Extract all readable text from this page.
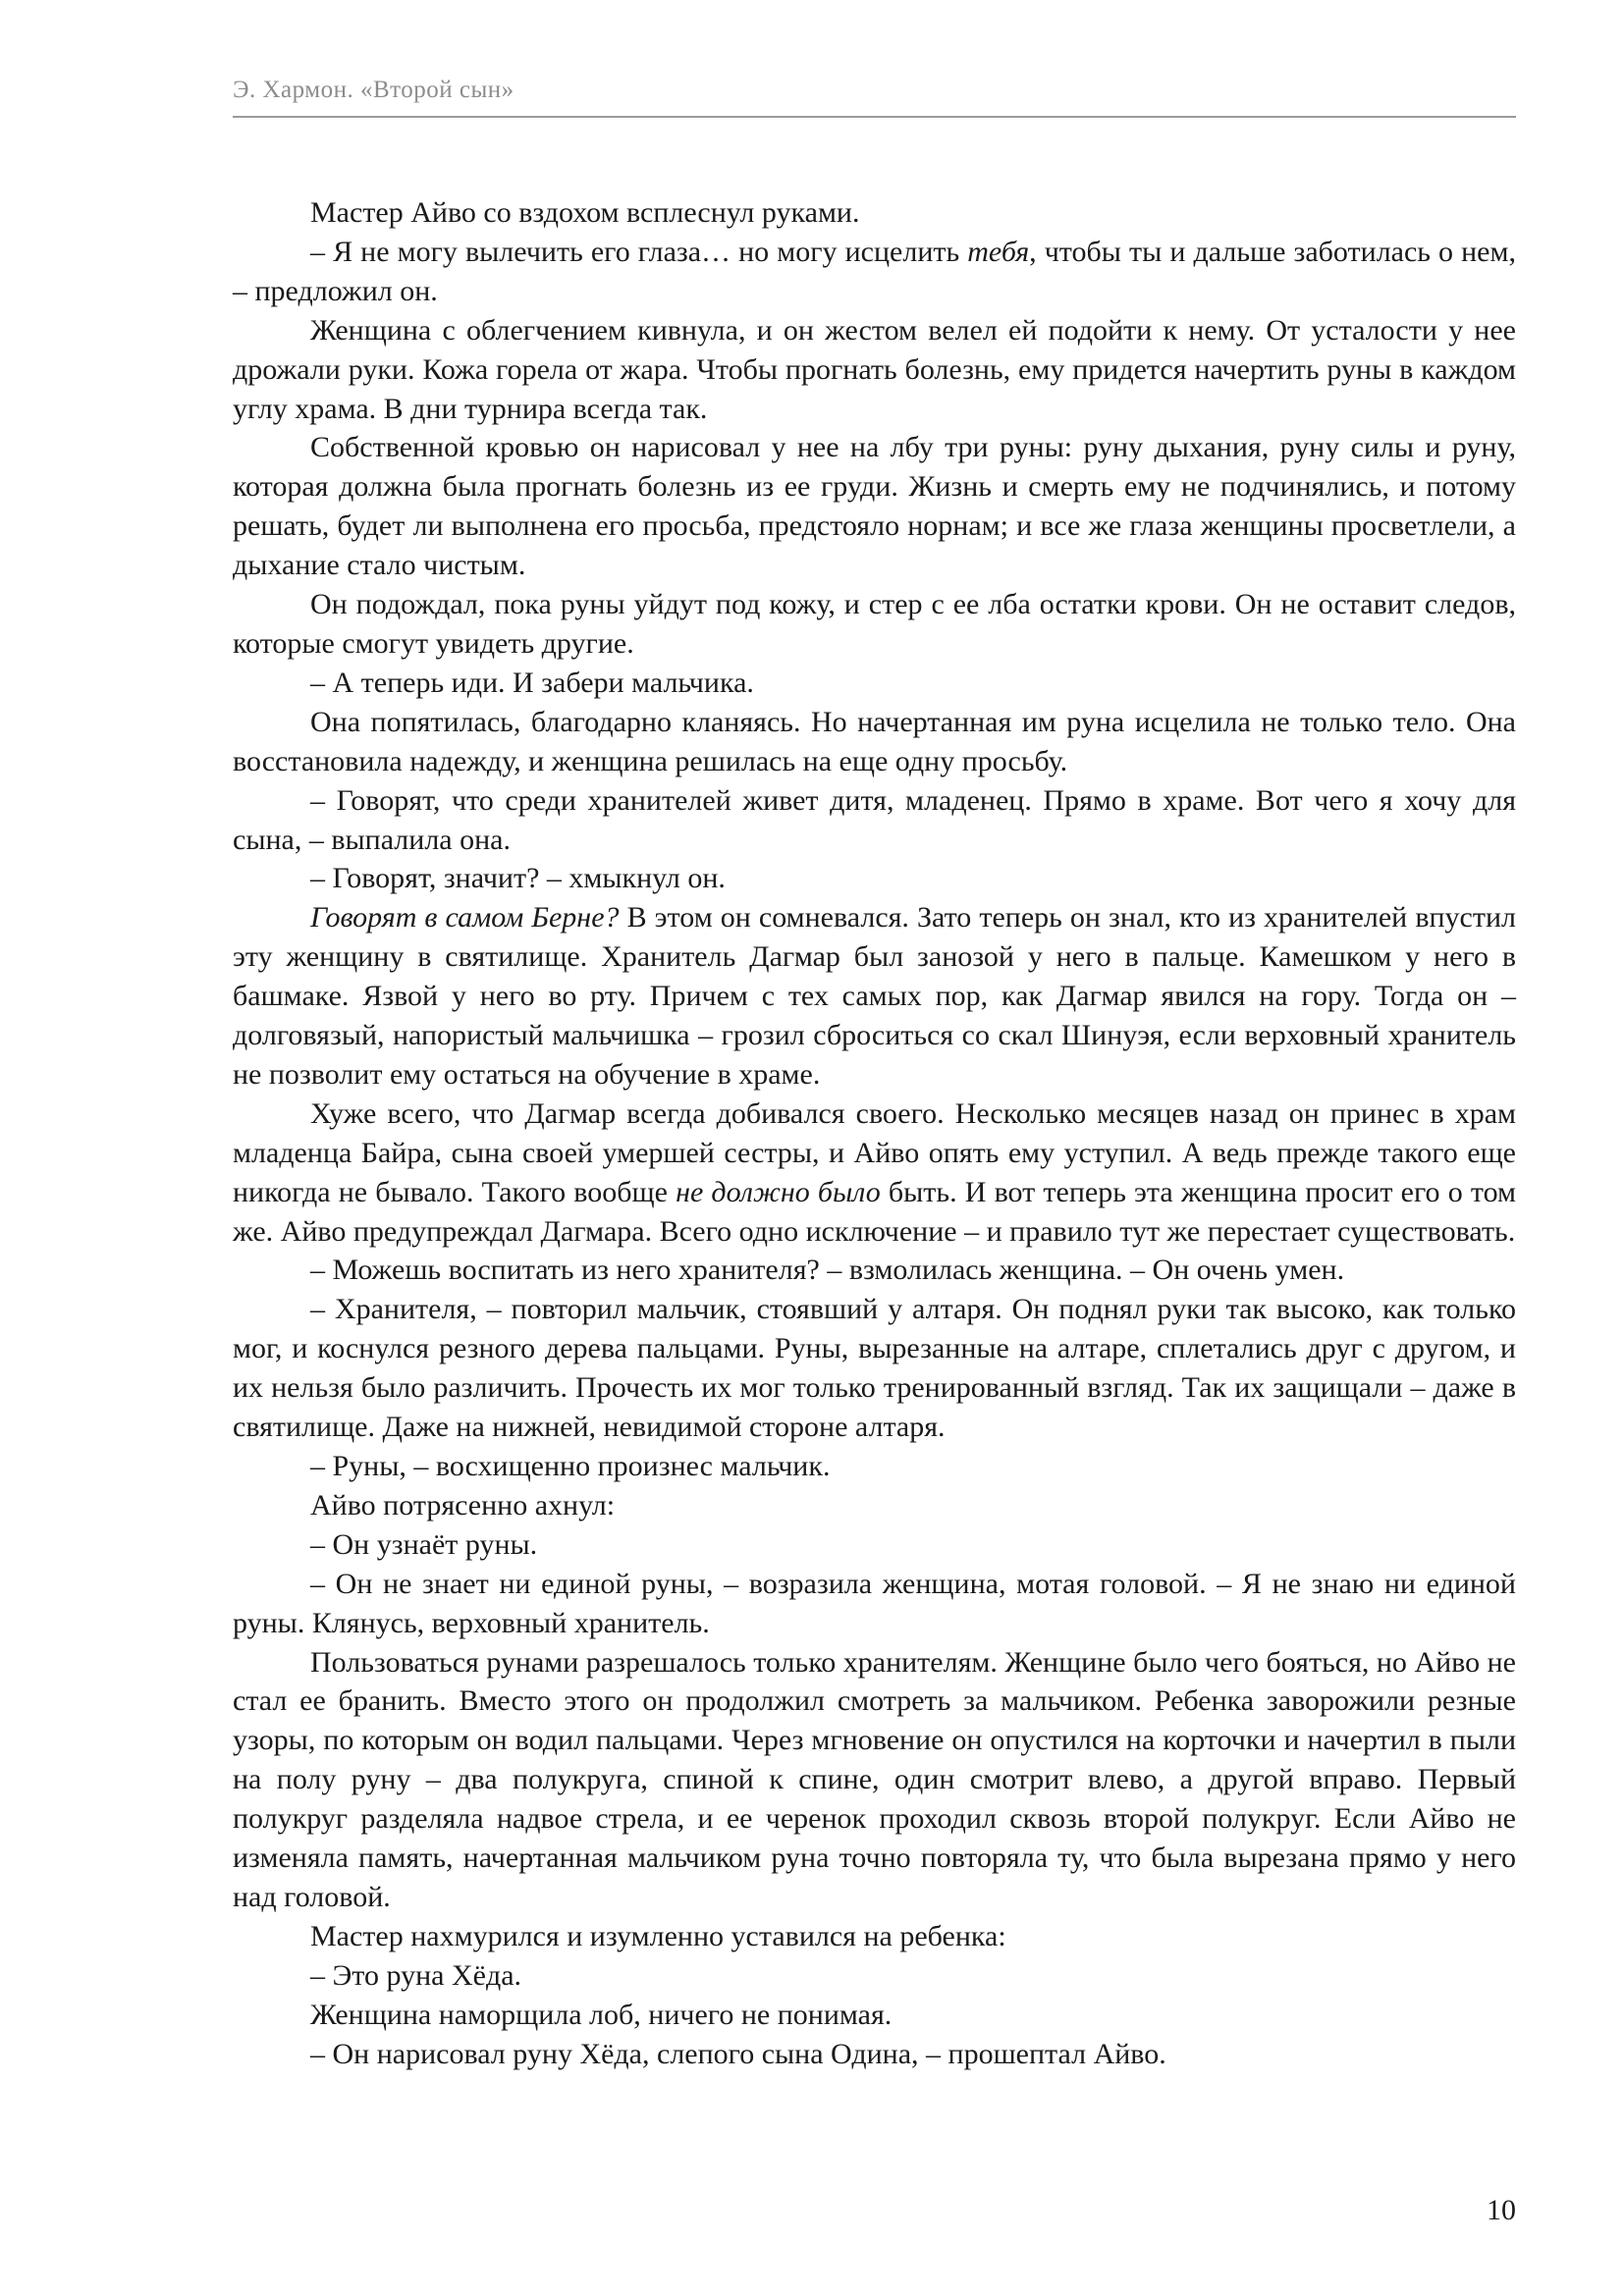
Э. Хармон. «Второй сын»

Мастер Айво со вздохом всплеснул руками.

– Я не могу вылечить его глаза… но могу исцелить тебя, чтобы ты и дальше заботилась о нем, – предложил он.

Женщина с облегчением кивнула, и он жестом велел ей подойти к нему. От усталости у нее дрожали руки. Кожа горела от жара. Чтобы прогнать болезнь, ему придется начертить руны в каждом углу храма. В дни турнира всегда так.

Собственной кровью он нарисовал у нее на лбу три руны: руну дыхания, руну силы и руну, которая должна была прогнать болезнь из ее груди. Жизнь и смерть ему не подчинялись, и потому решать, будет ли выполнена его просьба, предстояло норнам; и все же глаза женщины просветлели, а дыхание стало чистым.

Он подождал, пока руны уйдут под кожу, и стер с ее лба остатки крови. Он не оставит следов, которые смогут увидеть другие.

– А теперь иди. И забери мальчика.

Она попятилась, благодарно кланяясь. Но начертанная им руна исцелила не только тело. Она восстановила надежду, и женщина решилась на еще одну просьбу.

– Говорят, что среди хранителей живет дитя, младенец. Прямо в храме. Вот чего я хочу для сына, – выпалила она.

– Говорят, значит? – хмыкнул он.

Говорят в самом Берне? В этом он сомневался. Зато теперь он знал, кто из хранителей впустил эту женщину в святилище. Хранитель Дагмар был занозой у него в пальце. Камешком у него в башмаке. Язвой у него во рту. Причем с тех самых пор, как Дагмар явился на гору. Тогда он – долговязый, напористый мальчишка – грозил сброситься со скал Шинуэя, если верховный хранитель не позволит ему остаться на обучение в храме.

Хуже всего, что Дагмар всегда добивался своего. Несколько месяцев назад он принес в храм младенца Байра, сына своей умершей сестры, и Айво опять ему уступил. А ведь прежде такого еще никогда не бывало. Такого вообще не должно было быть. И вот теперь эта женщина просит его о том же. Айво предупреждал Дагмара. Всего одно исключение – и правило тут же перестает существовать.

– Можешь воспитать из него хранителя? – взмолилась женщина. – Он очень умен.

– Хранителя, – повторил мальчик, стоявший у алтаря. Он поднял руки так высоко, как только мог, и коснулся резного дерева пальцами. Руны, вырезанные на алтаре, сплетались друг с другом, и их нельзя было различить. Прочесть их мог только тренированный взгляд. Так их защищали – даже в святилище. Даже на нижней, невидимой стороне алтаря.

– Руны, – восхищенно произнес мальчик.

Айво потрясенно ахнул:

– Он узнаёт руны.

– Он не знает ни единой руны, – возразила женщина, мотая головой. – Я не знаю ни единой руны. Клянусь, верховный хранитель.

Пользоваться рунами разрешалось только хранителям. Женщине было чего бояться, но Айво не стал ее бранить. Вместо этого он продолжил смотреть за мальчиком. Ребенка заворожили резные узоры, по которым он водил пальцами. Через мгновение он опустился на корточки и начертил в пыли на полу руну – два полукруга, спиной к спине, один смотрит влево, а другой вправо. Первый полукруг разделяла надвое стрела, и ее черенок проходил сквозь второй полукруг. Если Айво не изменяла память, начертанная мальчиком руна точно повторяла ту, что была вырезана прямо у него над головой.

Мастер нахмурился и изумленно уставился на ребенка:

– Это руна Хёда.

Женщина наморщила лоб, ничего не понимая.

– Он нарисовал руну Хёда, слепого сына Одина, – прошептал Айво.

10
